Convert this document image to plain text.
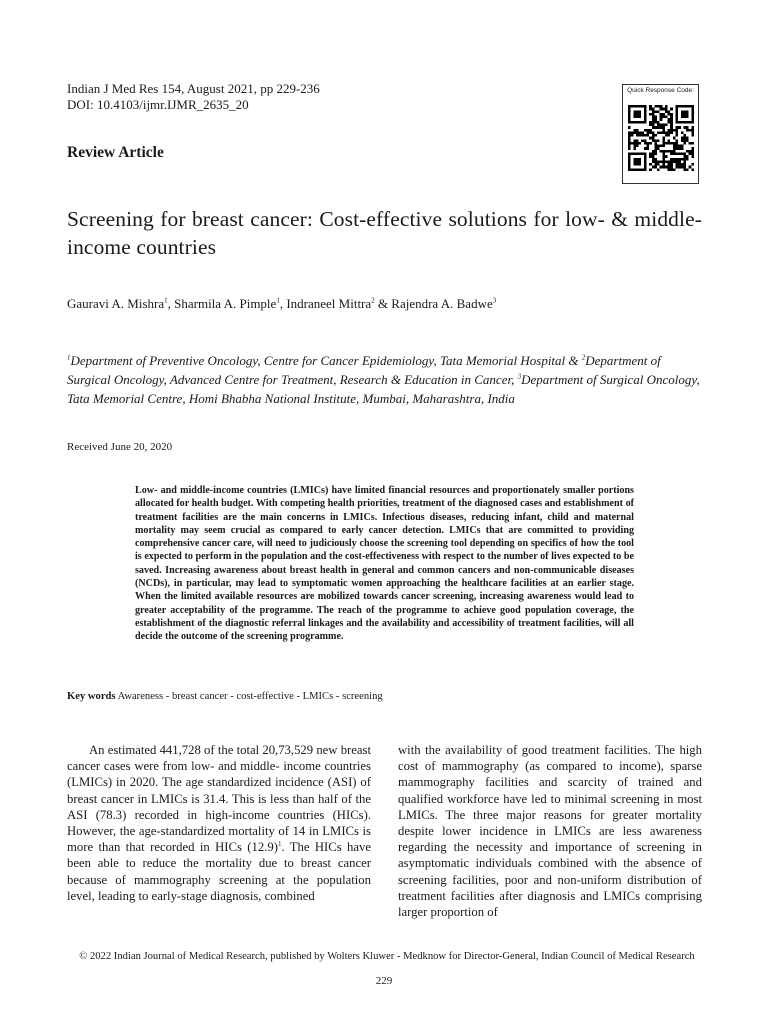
Indian J Med Res 154, August 2021, pp 229-236
DOI: 10.4103/ijmr.IJMR_2635_20
Quick Response Code:
Review Article
Screening for breast cancer: Cost-effective solutions for low- & middle-income countries
Gauravi A. Mishra$^1$, Sharmila A. Pimple$^1$, Indraneel Mittra$^2$ & Rajendra A. Badwe$^3$
$^1$Department of Preventive Oncology, Centre for Cancer Epidemiology, Tata Memorial Hospital & $^2$Department of Surgical Oncology, Advanced Centre for Treatment, Research & Education in Cancer, $^3$Department of Surgical Oncology, Tata Memorial Centre, Homi Bhabha National Institute, Mumbai, Maharashtra, India
Received June 20, 2020
Low- and middle-income countries (LMICs) have limited financial resources and proportionately smaller portions allocated for health budget. With competing health priorities, treatment of the diagnosed cases and establishment of treatment facilities are the main concerns in LMICs. Infectious diseases, reducing infant, child and maternal mortality may seem crucial as compared to early cancer detection. LMICs that are committed to providing comprehensive cancer care, will need to judiciously choose the screening tool depending on specifics of how the tool is expected to perform in the population and the cost-effectiveness with respect to the number of lives expected to be saved. Increasing awareness about breast health in general and common cancers and non-communicable diseases (NCDs), in particular, may lead to symptomatic women approaching the healthcare facilities at an earlier stage. When the limited available resources are mobilized towards cancer screening, increasing awareness would lead to greater acceptability of the programme. The reach of the programme to achieve good population coverage, the establishment of the diagnostic referral linkages and the availability and accessibility of treatment facilities, will all decide the outcome of the screening programme.
Key words Awareness - breast cancer - cost-effective - LMICs - screening
An estimated 441,728 of the total 20,73,529 new breast cancer cases were from low- and middle- income countries (LMICs) in 2020. The age standardized incidence (ASI) of breast cancer in LMICs is 31.4. This is less than half of the ASI (78.3) recorded in high-income countries (HICs). However, the age-standardized mortality of 14 in LMICs is more than that recorded in HICs $(12.9)^1$. The HICs have been able to reduce the mortality due to breast cancer because of mammography screening at the population level, leading to early-stage diagnosis, combined
with the availability of good treatment facilities. The high cost of mammography (as compared to income), sparse mammography facilities and scarcity of trained and qualified workforce have led to minimal screening in most LMICs. The three major reasons for greater mortality despite lower incidence in LMICs are less awareness regarding the necessity and importance of screening in asymptomatic individuals combined with the absence of screening facilities, poor and non-uniform distribution of treatment facilities after diagnosis and LMICs comprising larger proportion of
© 2022 Indian Journal of Medical Research, published by Wolters Kluwer - Medknow for Director-General, Indian Council of Medical Research
229
